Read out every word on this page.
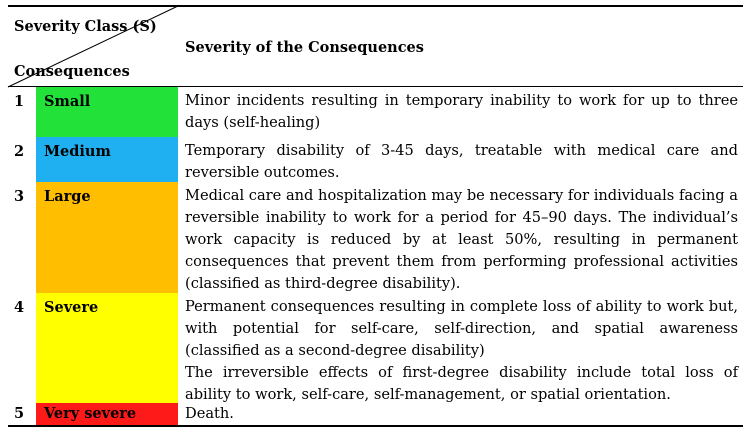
Severity Class (S)
Consequences
Severity of the Consequences
1 Small	Minor incidents resulting in temporary inability to work for up to three days (self-healing)

2 Medium	Temporary disability of 3-45 days, treatable with medical care and reversible outcomes.

3 Large	Medical care and hospitalization may be necessary for individuals facing a reversible inability to work for a period for 45–90 days. The individual’s work capacity is reduced by at least 50%, resulting in permanent consequences that prevent them from performing professional activities (classified as third-degree disability).

4 Severe	Permanent consequences resulting in complete loss of ability to work but, with potential for self-care, self-direction, and spatial awareness (classified as a second-degree disability)

The irreversible effects of first-degree disability include total loss of ability to work, self-care, self-management, or spatial orientation.

5 Very severe	Death.
